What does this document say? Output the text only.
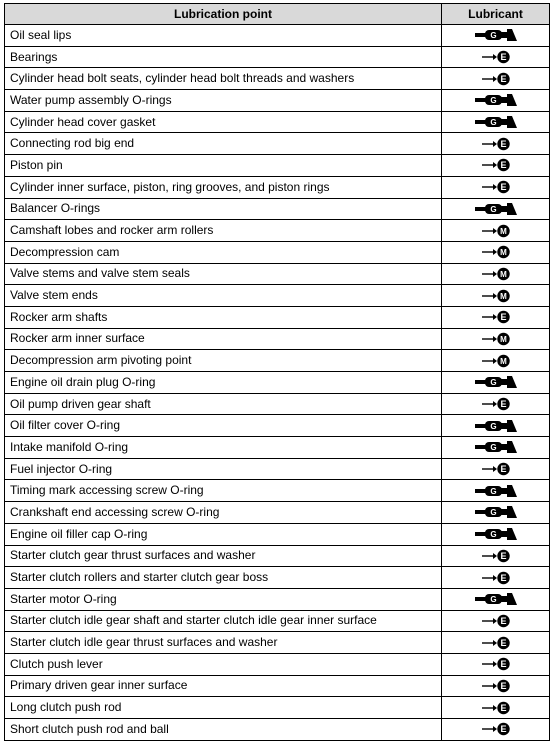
Lubrication point	Lubricant
Oil seal lips	G

Bearings	E

Cylinder head bolt seats, cylinder head bolt threads and washers	E

Water pump assembly O-rings	G

Cylinder head cover gasket	G

Connecting rod big end	E

Piston pin	E

Cylinder inner surface, piston, ring grooves, and piston rings	E

Balancer O-rings	G

Camshaft lobes and rocker arm rollers	M

Decompression cam	M

Valve stems and valve stem seals	M

Valve stem ends	M

Rocker arm shafts	E

Rocker arm inner surface	M

Decompression arm pivoting point	M

Engine oil drain plug O-ring	G

Oil pump driven gear shaft	E

Oil filter cover O-ring	G

Intake manifold O-ring	G

Fuel injector O-ring	E

Timing mark accessing screw O-ring	G

Crankshaft end accessing screw O-ring	G

Engine oil filler cap O-ring	G

Starter clutch gear thrust surfaces and washer	E

Starter clutch rollers and starter clutch gear boss	E

Starter motor O-ring	G

Starter clutch idle gear shaft and starter clutch idle gear inner surface	E

Starter clutch idle gear thrust surfaces and washer	E

Clutch push lever	E

Primary driven gear inner surface	E

Long clutch push rod	E

Short clutch push rod and ball	E
